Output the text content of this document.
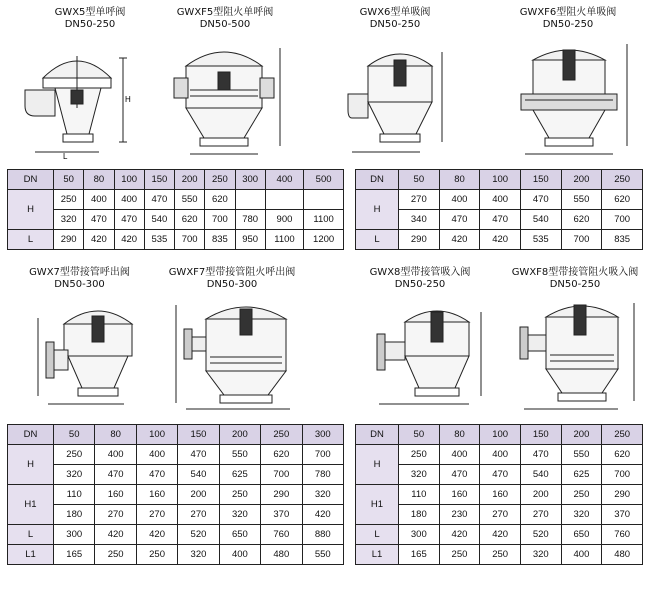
GWX5型单呼阀
DN50-250
GWXF5型阻火单呼阀
DN50-500
GWX6型单吸阀
DN50-250
GWXF6型阻火单吸阀
DN50-250
GWX7型带接管呼出阀
DN50-300
GWXF7型带接管阻火呼出阀
DN50-300
GWX8型带接管吸入阀
DN50-250
GWXF8型带接管阻火吸入阀
DN50-250
H
L
DN	50	80	100	150	200	250	300	400	500
H	250	400	400	470	550	620			
	320	470	470	540	620	700	780	900	1100
L	290	420	420	535	700	835	950	1100	1200
DN	50	80	100	150	200	250
H	270	400	400	470	550	620
	340	470	470	540	620	700
L	290	420	420	535	700	835
DN	50	80	100	150	200	250	300
H	250	400	400	470	550	620	700
	320	470	470	540	625	700	780
H1	110	160	160	200	250	290	320
	180	270	270	270	320	370	420
L	300	420	420	520	650	760	880
L1	165	250	250	320	400	480	550
DN	50	80	100	150	200	250
H	250	400	400	470	550	620
	320	470	470	540	625	700
H1	110	160	160	200	250	290
	180	230	270	270	320	370
L	300	420	420	520	650	760
L1	165	250	250	320	400	480
